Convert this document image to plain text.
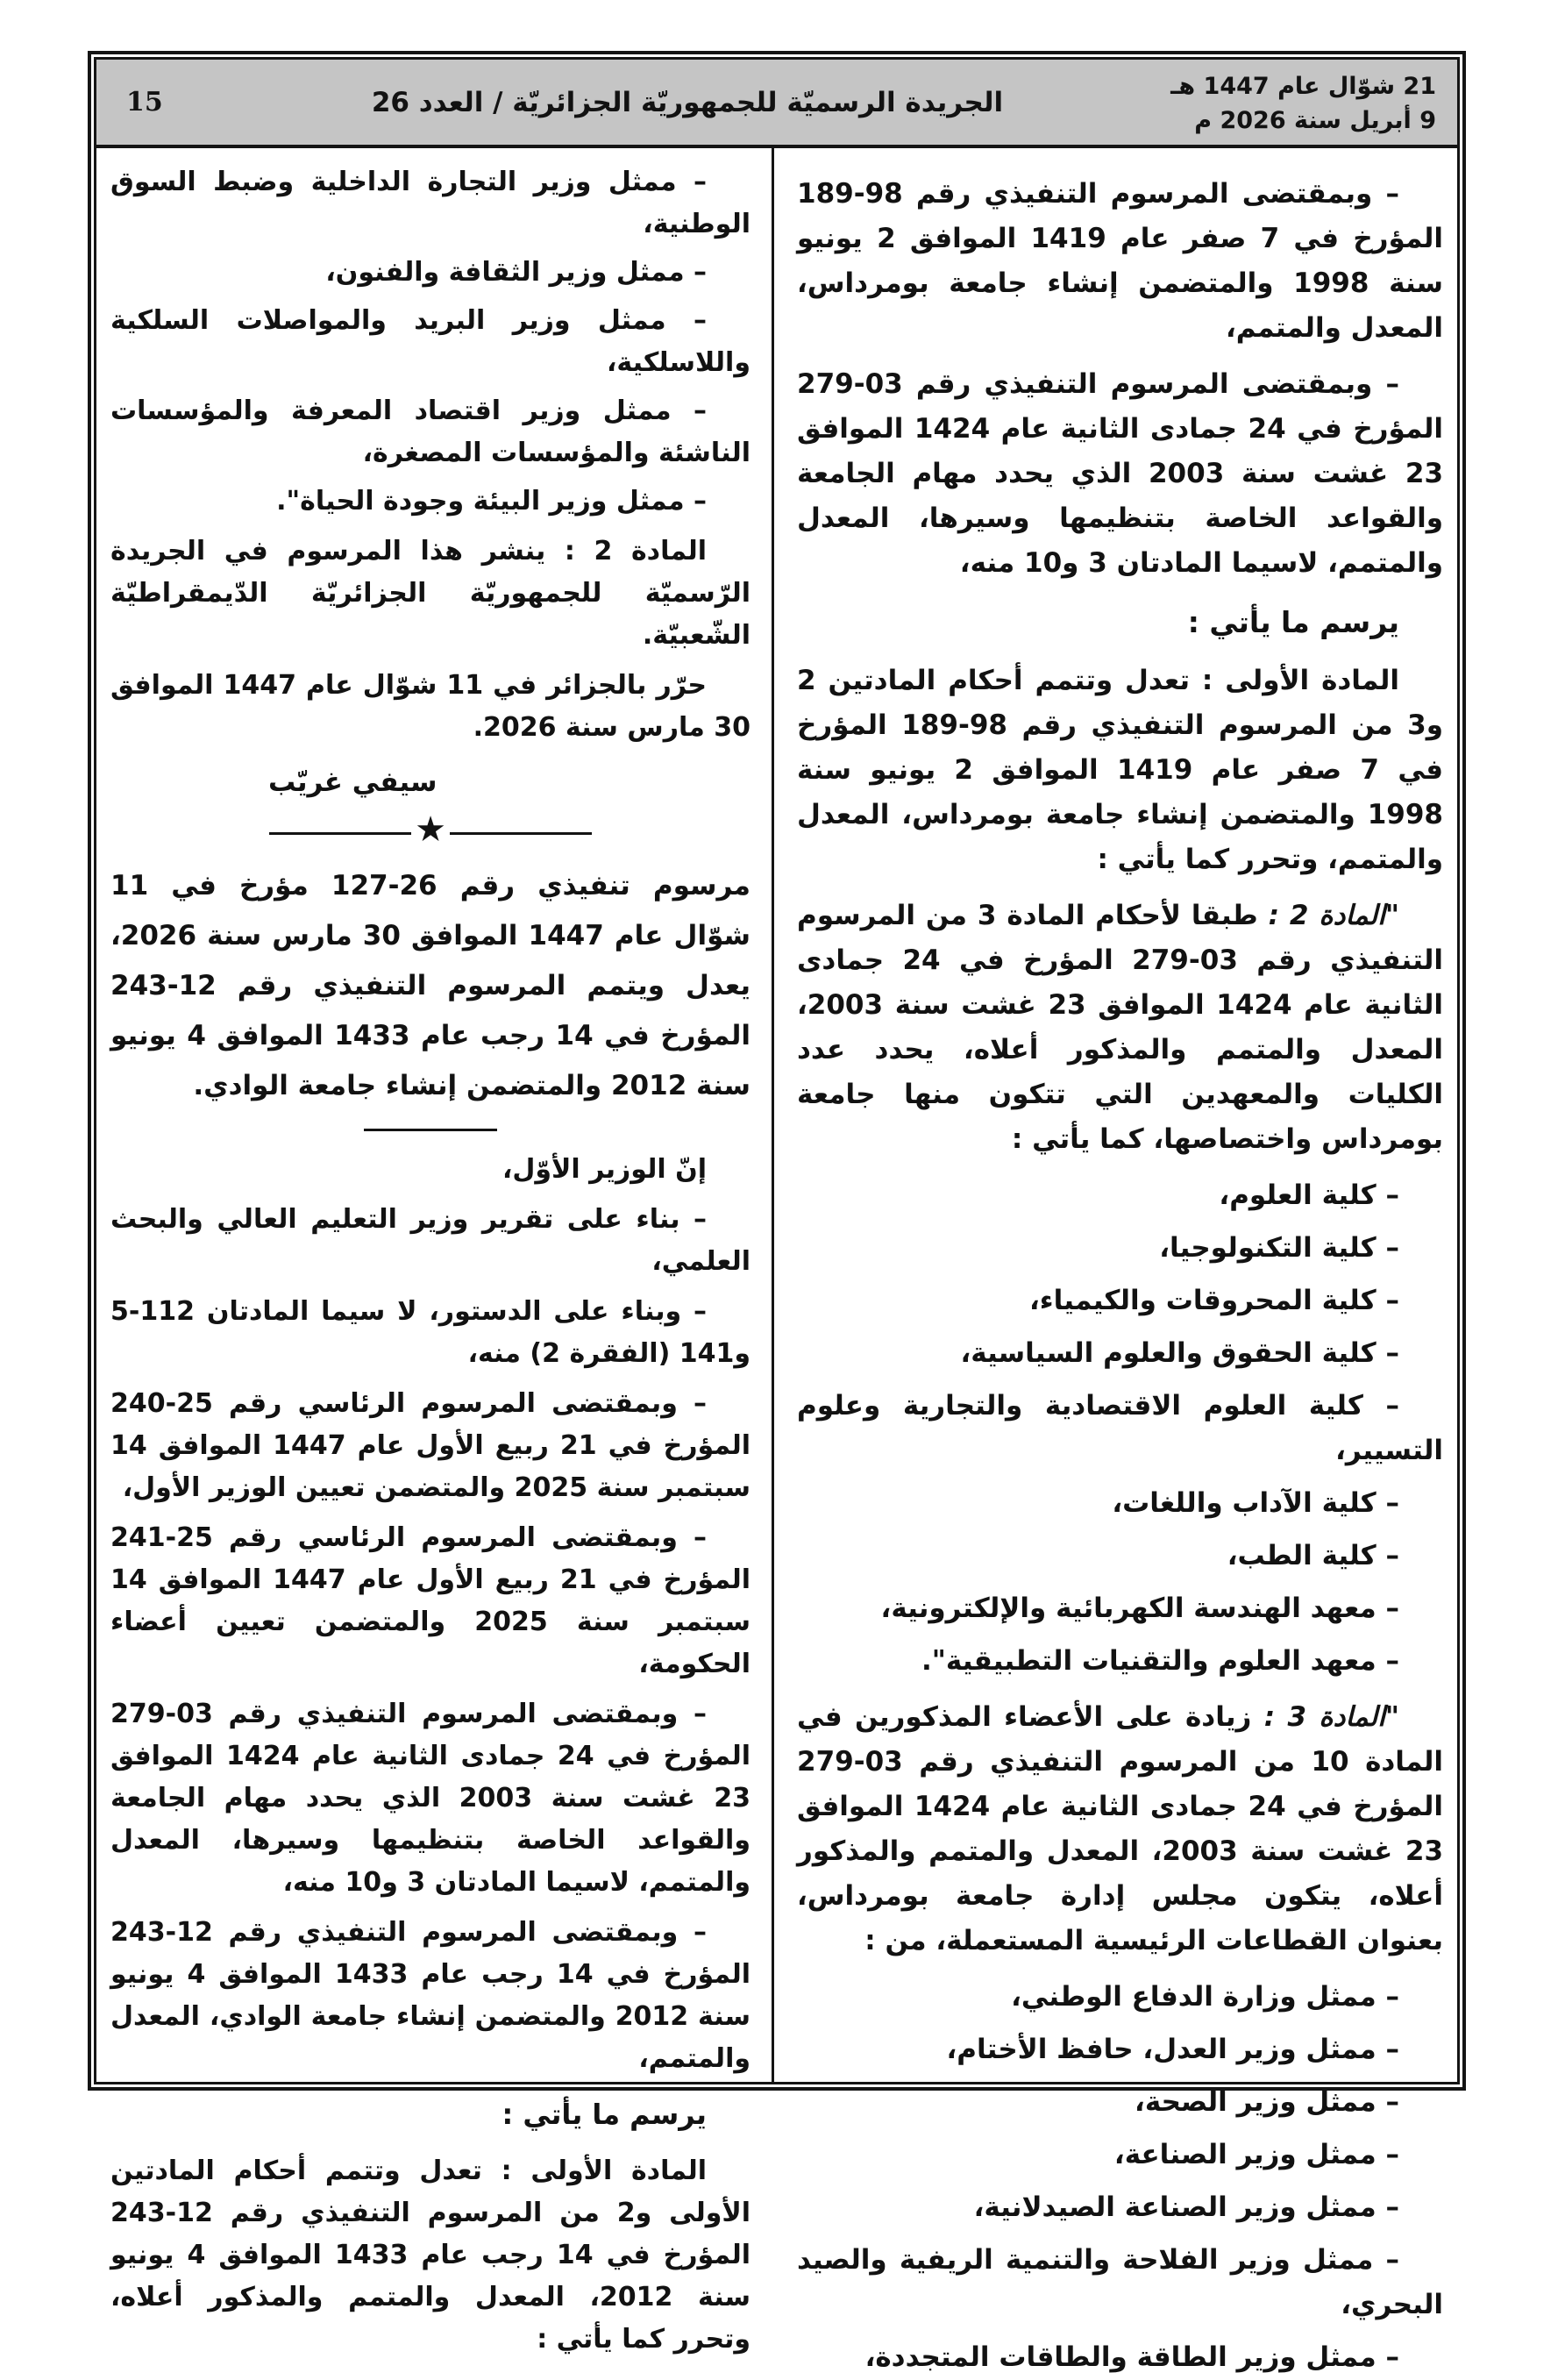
21 شوّال عام 1447 هـ
9 أبريل سنة 2026 م
الجريدة الرسميّة للجمهوريّة الجزائريّة / العدد 26
15

– ممثل وزير التجارة الداخلية وضبط السوق الوطنية،

– ممثل وزير الثقافة والفنون،

– ممثل وزير البريد والمواصلات السلكية واللاسلكية،

– ممثل وزير اقتصاد المعرفة والمؤسسات الناشئة والمؤسسات المصغرة،

– ممثل وزير البيئة وجودة الحياة".

المادة 2 : ينشر هذا المرسوم في الجريدة الرّسميّة للجمهوريّة الجزائريّة الدّيمقراطيّة الشّعبيّة.

حرّر بالجزائر في 11 شوّال عام 1447 الموافق 30 مارس سنة 2026.

سيفي غريّب

★

مرسوم تنفيذي رقم 26-127 مؤرخ في 11 شوّال عام 1447 الموافق 30 مارس سنة 2026، يعدل ويتمم المرسوم التنفيذي رقم 12-243 المؤرخ في 14 رجب عام 1433 الموافق 4 يونيو سنة 2012 والمتضمن إنشاء جامعة الوادي.

إنّ الوزير الأوّل،

– بناء على تقرير وزير التعليم العالي والبحث العلمي،

– وبناء على الدستور، لا سيما المادتان 112-5 و141 (الفقرة 2) منه،

– وبمقتضى المرسوم الرئاسي رقم 25-240 المؤرخ في 21 ربيع الأول عام 1447 الموافق 14 سبتمبر سنة 2025 والمتضمن تعيين الوزير الأول،

– وبمقتضى المرسوم الرئاسي رقم 25-241 المؤرخ في 21 ربيع الأول عام 1447 الموافق 14 سبتمبر سنة 2025 والمتضمن تعيين أعضاء الحكومة،

– وبمقتضى المرسوم التنفيذي رقم 03-279 المؤرخ في 24 جمادى الثانية عام 1424 الموافق 23 غشت سنة 2003 الذي يحدد مهام الجامعة والقواعد الخاصة بتنظيمها وسيرها، المعدل والمتمم، لاسيما المادتان 3 و10 منه،

– وبمقتضى المرسوم التنفيذي رقم 12-243 المؤرخ في 14 رجب عام 1433 الموافق 4 يونيو سنة 2012 والمتضمن إنشاء جامعة الوادي، المعدل والمتمم،

يرسم ما يأتي :

المادة الأولى : تعدل وتتمم أحكام المادتين الأولى و2 من المرسوم التنفيذي رقم 12-243 المؤرخ في 14 رجب عام 1433 الموافق 4 يونيو سنة 2012، المعدل والمتمم والمذكور أعلاه، وتحرر كما يأتي :

– وبمقتضى المرسوم التنفيذي رقم 98-189 المؤرخ في 7 صفر عام 1419 الموافق 2 يونيو سنة 1998 والمتضمن إنشاء جامعة بومرداس، المعدل والمتمم،

– وبمقتضى المرسوم التنفيذي رقم 03-279 المؤرخ في 24 جمادى الثانية عام 1424 الموافق 23 غشت سنة 2003 الذي يحدد مهام الجامعة والقواعد الخاصة بتنظيمها وسيرها، المعدل والمتمم، لاسيما المادتان 3 و10 منه،

يرسم ما يأتي :

المادة الأولى : تعدل وتتمم أحكام المادتين 2 و3 من المرسوم التنفيذي رقم 98-189 المؤرخ في 7 صفر عام 1419 الموافق 2 يونيو سنة 1998 والمتضمن إنشاء جامعة بومرداس، المعدل والمتمم، وتحرر كما يأتي :

"المادة 2 : طبقا لأحكام المادة 3 من المرسوم التنفيذي رقم 03-279 المؤرخ في 24 جمادى الثانية عام 1424 الموافق 23 غشت سنة 2003، المعدل والمتمم والمذكور أعلاه، يحدد عدد الكليات والمعهدين التي تتكون منها جامعة بومرداس واختصاصها، كما يأتي :

– كلية العلوم،

– كلية التكنولوجيا،

– كلية المحروقات والكيمياء،

– كلية الحقوق والعلوم السياسية،

– كلية العلوم الاقتصادية والتجارية وعلوم التسيير،

– كلية الآداب واللغات،

– كلية الطب،

– معهد الهندسة الكهربائية والإلكترونية،

– معهد العلوم والتقنيات التطبيقية".

"المادة 3 : زيادة على الأعضاء المذكورين في المادة 10 من المرسوم التنفيذي رقم 03-279 المؤرخ في 24 جمادى الثانية عام 1424 الموافق 23 غشت سنة 2003، المعدل والمتمم والمذكور أعلاه، يتكون مجلس إدارة جامعة بومرداس، بعنوان القطاعات الرئيسية المستعملة، من :

– ممثل وزارة الدفاع الوطني،

– ممثل وزير العدل، حافظ الأختام،

– ممثل وزير الصحة،

– ممثل وزير الصناعة،

– ممثل وزير الصناعة الصيدلانية،

– ممثل وزير الفلاحة والتنمية الريفية والصيد البحري،

– ممثل وزير الطاقة والطاقات المتجددة،
